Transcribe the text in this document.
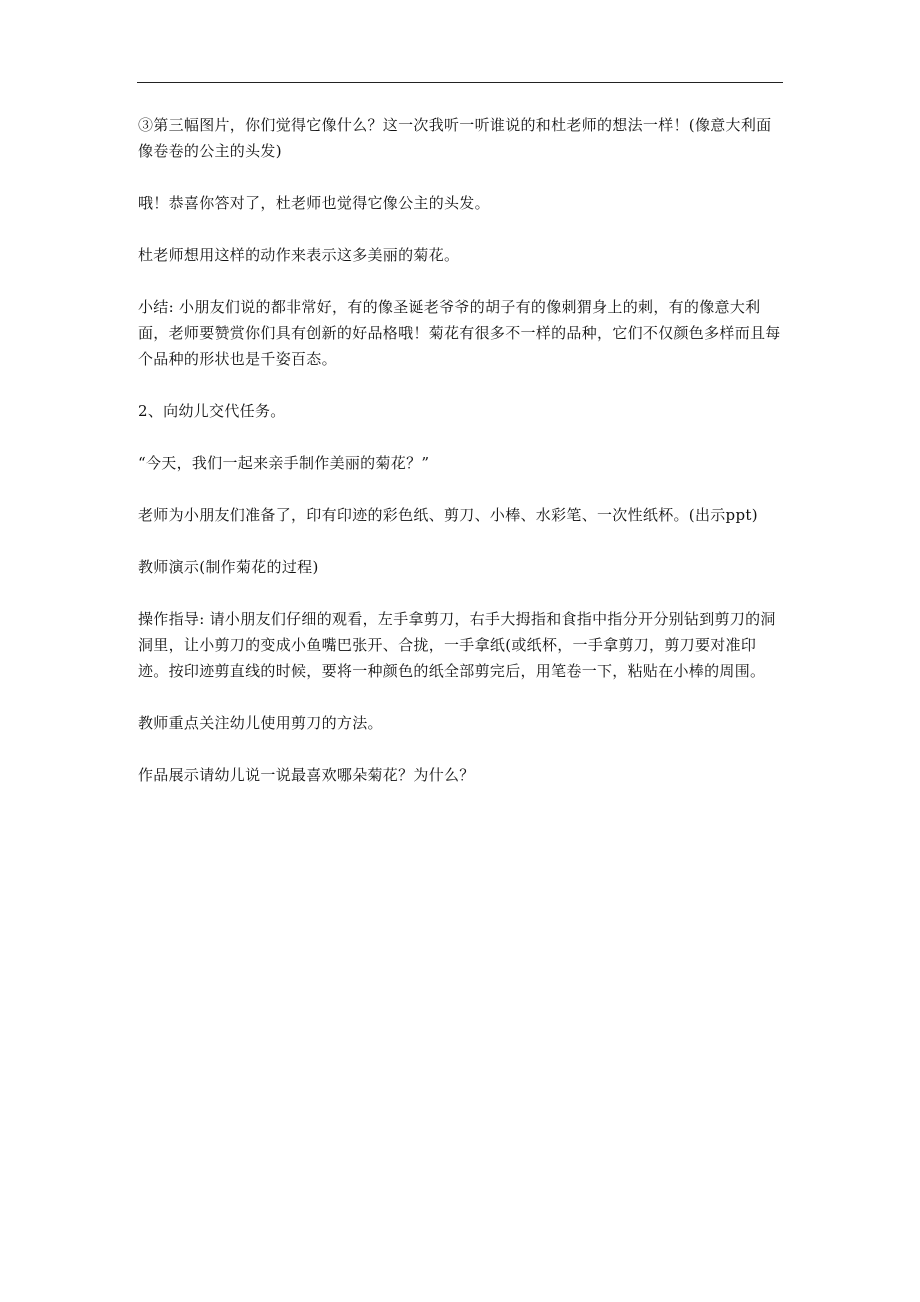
③第三幅图片，你们觉得它像什么？这一次我听一听谁说的和杜老师的想法一样！(像意大利面　像卷卷的公主的头发)

哦！恭喜你答对了，杜老师也觉得它像公主的头发。

杜老师想用这样的动作来表示这多美丽的菊花。

小结: 小朋友们说的都非常好，有的像圣诞老爷爷的胡子有的像刺猬身上的刺，有的像意大利面，老师要赞赏你们具有创新的好品格哦！菊花有很多不一样的品种，它们不仅颜色多样而且每个品种的形状也是千姿百态。

2、向幼儿交代任务。

“今天，我们一起来亲手制作美丽的菊花？”

老师为小朋友们准备了，印有印迹的彩色纸、剪刀、小棒、水彩笔、一次性纸杯。(出示ppt)

教师演示(制作菊花的过程)

操作指导: 请小朋友们仔细的观看，左手拿剪刀，右手大拇指和食指中指分开分别钻到剪刀的洞洞里，让小剪刀的变成小鱼嘴巴张开、合拢，一手拿纸(或纸杯，一手拿剪刀，剪刀要对准印迹。按印迹剪直线的时候，要将一种颜色的纸全部剪完后，用笔卷一下，粘贴在小棒的周围。

教师重点关注幼儿使用剪刀的方法。

作品展示请幼儿说一说最喜欢哪朵菊花？为什么？
